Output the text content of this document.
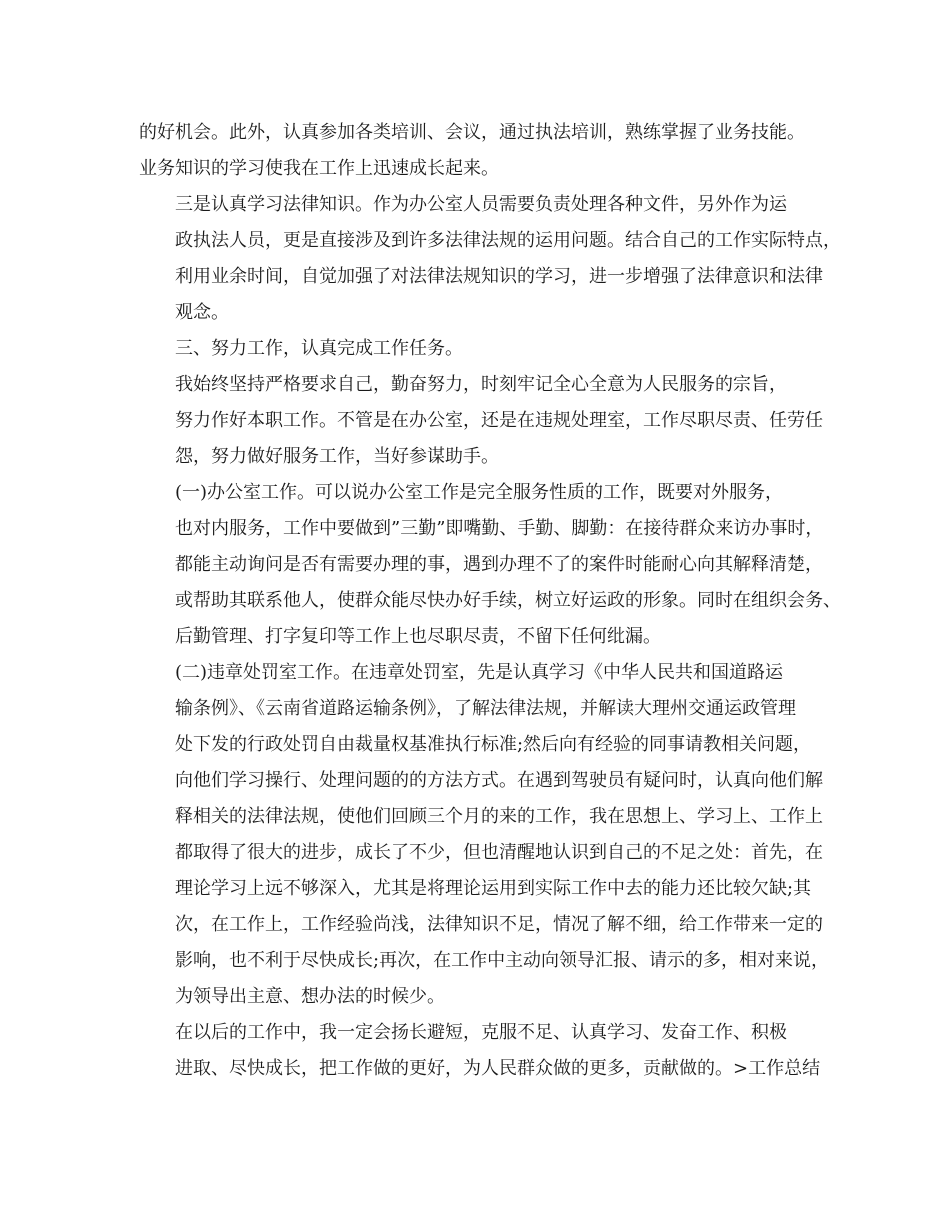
的好机会。此外，认真参加各类培训、会议，通过执法培训，熟练掌握了业务技能。
业务知识的学习使我在工作上迅速成长起来。

三是认真学习法律知识。作为办公室人员需要负责处理各种文件，另外作为运
政执法人员，更是直接涉及到许多法律法规的运用问题。结合自己的工作实际特点，
利用业余时间，自觉加强了对法律法规知识的学习，进一步增强了法律意识和法律
观念。

三、努力工作，认真完成工作任务。

我始终坚持严格要求自己，勤奋努力，时刻牢记全心全意为人民服务的宗旨，
努力作好本职工作。不管是在办公室，还是在违规处理室，工作尽职尽责、任劳任
怨，努力做好服务工作，当好参谋助手。

(一)办公室工作。可以说办公室工作是完全服务性质的工作，既要对外服务，
也对内服务，工作中要做到”三勤”即嘴勤、手勤、脚勤：在接待群众来访办事时，
都能主动询问是否有需要办理的事，遇到办理不了的案件时能耐心向其解释清楚，
或帮助其联系他人，使群众能尽快办好手续，树立好运政的形象。同时在组织会务、
后勤管理、打字复印等工作上也尽职尽责，不留下任何纰漏。

(二)违章处罚室工作。在违章处罚室，先是认真学习《中华人民共和国道路运
输条例》、《云南省道路运输条例》，了解法律法规，并解读大理州交通运政管理
处下发的行政处罚自由裁量权基准执行标准;然后向有经验的同事请教相关问题，
向他们学习操行、处理问题的的方法方式。在遇到驾驶员有疑问时，认真向他们解
释相关的法律法规，使他们回顾三个月的来的工作，我在思想上、学习上、工作上
都取得了很大的进步，成长了不少，但也清醒地认识到自己的不足之处：首先，在
理论学习上远不够深入，尤其是将理论运用到实际工作中去的能力还比较欠缺;其
次，在工作上，工作经验尚浅，法律知识不足，情况了解不细，给工作带来一定的
影响，也不利于尽快成长;再次，在工作中主动向领导汇报、请示的多，相对来说，
为领导出主意、想办法的时候少。

在以后的工作中，我一定会扬长避短，克服不足、认真学习、发奋工作、积极
进取、尽快成长，把工作做的更好，为人民群众做的更多，贡献做的。>工作总结
